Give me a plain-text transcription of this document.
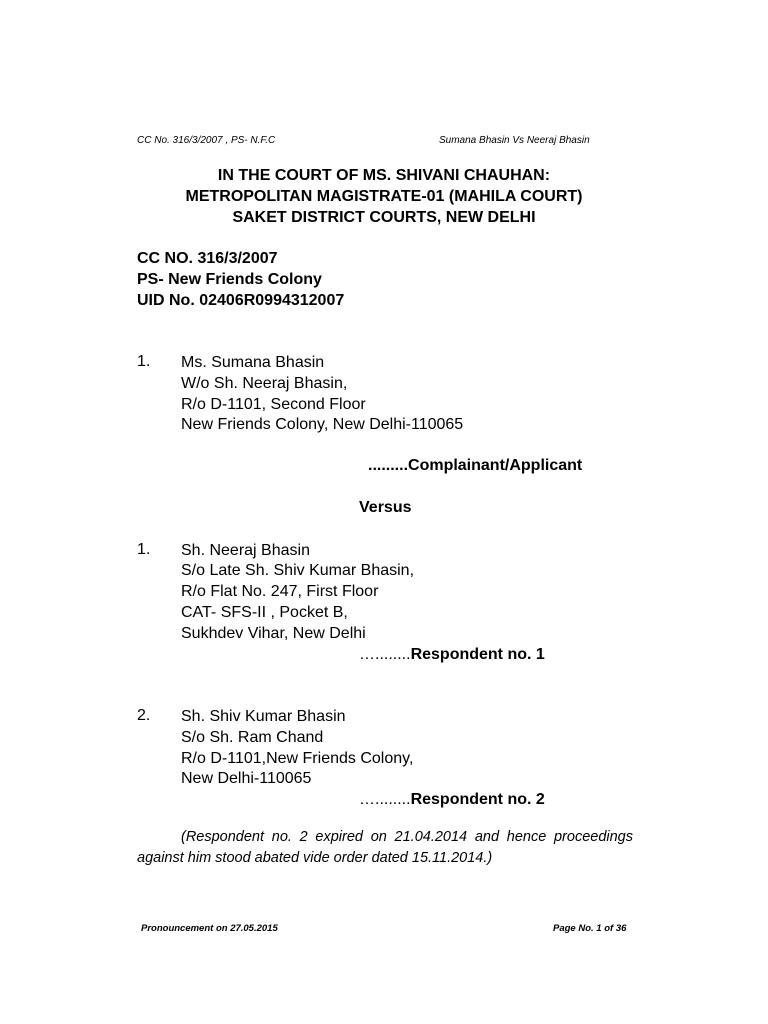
CC No. 316/3/2007 , PS- N.F.C	Sumana Bhasin Vs Neeraj Bhasin
IN THE COURT OF MS. SHIVANI CHAUHAN:
METROPOLITAN MAGISTRATE-01 (MAHILA COURT)
SAKET DISTRICT COURTS, NEW DELHI
CC NO. 316/3/2007
PS- New Friends Colony
UID No. 02406R0994312007
1. Ms. Sumana Bhasin
W/o Sh. Neeraj Bhasin,
R/o D-1101, Second Floor
New Friends Colony, New Delhi-110065
.........Complainant/Applicant
Versus
1. Sh. Neeraj Bhasin
S/o Late Sh. Shiv Kumar Bhasin,
R/o Flat No. 247, First Floor
CAT- SFS-II , Pocket B,
Sukhdev Vihar, New Delhi
…........Respondent no. 1
2. Sh. Shiv Kumar Bhasin
S/o Sh. Ram Chand
R/o D-1101,New Friends Colony,
New Delhi-110065
…........Respondent no. 2
(Respondent no. 2 expired on 21.04.2014 and hence proceedings against him stood abated vide order dated 15.11.2014.)
Pronouncement on 27.05.2015	Page No. 1 of 36
